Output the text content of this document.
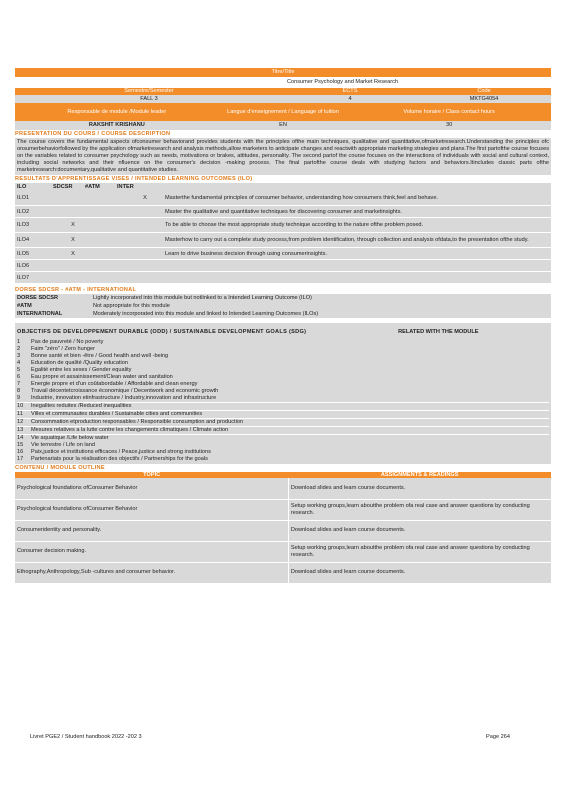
Titre/Title
Consumer Psychology and Market Research
Semestre/Semester	ECTS	Code
FALL 3	4	MKTG4054
Responsable de module /Module leader	Langue d'enseignement / Language of tuition	Volume horaire / Class contact hours
RAKSHIT KRISHANU	EN	30
PRESENTATION DU COURS / COURSE DESCRIPTION
The course covers the fundamental aspects ofconsumer behaviorand provides students with the principles ofthe main techniques, qualitative and quantitative,ofmarketresearch.Understanding the principles ofc onsumerbehaviorfollowed by the application ofmarketresearch and analysis methods,allow marketers to anticipate changes and reactwith appropriate marketing strategies and plans.The first partofthe course focuses on the variables related to consumer psychology such as needs, motivations or brakes, attitudes, personality. The second partof the course focuses on the interactions of individuals with social and cultural context, including social networks and their nfluence on the consumer's decision -making process. The final partofthe course deals with studying factors and behaviors.Itincludes classic parts ofthe marketresearch:documentary,qualitative and quantitative studies.
RESULTATS D'APPRENTISSAGE VISES / INTENDED LEARNING OUTCOMES (ILO)
ILO	SDCSR	#ATM	INTER
ILO1			X	Masterthe fundamental principles of consumer behavior, understanding how consumers think,feel and behave.
ILO2				Master the qualitative and quantitative techniques for discovering consumer and marketinsights.
ILO3	X			To be able to choose the most appropriate study technique according to the nature ofthe problem posed.
ILO4	X			Masterhow to carry out a complete study process,from problem identification, through collection and analysis ofdata,to the presentation ofthe study.
ILO5	X			Learn to drive business decision through using consumerinsights.
ILO6				
ILO7				
DORSE SDCSR - #ATM - INTERNATIONAL
DORSE SDCSR	Lightly incorporated into this module but notlinked to a Intended Learning Outcome (ILO)
#ATM	Not appropriate for this module
INTERNATIONAL	Moderately incorporated into this module and linked to Intended Learning Outcomes (ILOs)
OBJECTIFS DE DEVELOPPEMENT DURABLE (ODD) / SUSTAINABLE DEVELOPMENT GOALS (SDG)	RELATED WITH THE MODULE
1	Pas de pauvreté / No poverty
2	Faim "zéro" / Zero hunger
3	Bonne santé et bien -être / Good health and well -being
4	Education de qualité /Quality education
5	Egalité entre les sexes / Gender equality
6	Eau propre et assainissement/Clean water and sanitation
7	Energie propre et d'un coûtabordable / Affordable and clean energy
8	Travail décentetcroissance économique / Decentwork and economic growth
9	Industrie, innovation etinfrastructure / Industry,innovation and infrastructure
10	Inegalites reduites /Reduced inequalities
11	Villes et communautes durables / Sustainable cities and communities
12	Consommation etproduction responsables / Responsible consumption and production
13	Mesures relatives a la lutte contre les changements climatiques / Climate action
14	Vie aquatique /Life below water
15	Vie terrestre / Life on land
16	Paix,justice et institutions efficaces / Peace,justice and strong institutions
17	Partenariats pour la réalisation des objectifs / Partnerships for the goals
CONTENU / MODULE OUTLINE
TOPIC	ASSIGNMENTS & READINGS
Psychological foundations ofConsumer Behavior	Download slides and learn course documents.
Psychological foundations ofConsumer Behavior	Setup working groups,learn aboutthe problem ofa real case and answer questions by conducting research.
Consumeridentity and personality.	Download slides and learn course documents.
Consumer decision making.	Setup working groups,learn aboutthe problem ofa real case and answer questions by conducting research.
Ethography,Anthropology,Sub -cultures and consumer behavior.	Download slides and learn course documents.
Livret PGE2 / Student handbook 2022 -202 3	Page 264
